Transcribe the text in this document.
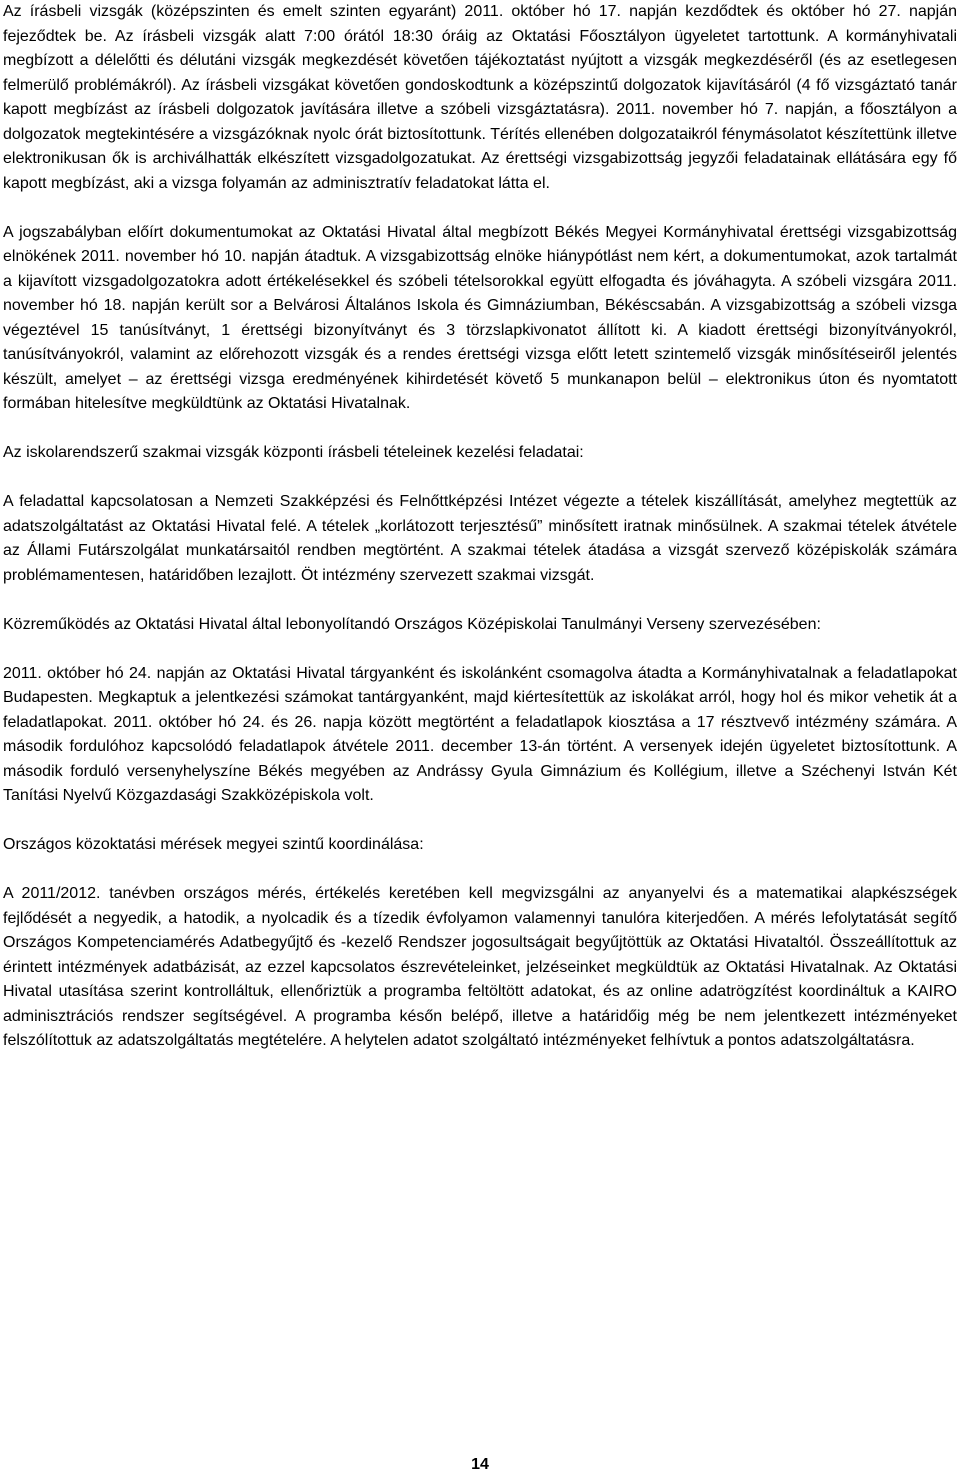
Az írásbeli vizsgák (középszinten és emelt szinten egyaránt) 2011. október hó 17. napján kezdődtek és október hó 27. napján fejeződtek be. Az írásbeli vizsgák alatt 7:00 órától 18:30 óráig az Oktatási Főosztályon ügyeletet tartottunk. A kormányhivatali megbízott a délelőtti és délutáni vizsgák megkezdését követően tájékoztatást nyújtott a vizsgák megkezdéséről (és az esetlegesen felmerülő problémákról). Az írásbeli vizsgákat követően gondoskodtunk a középszintű dolgozatok kijavításáról (4 fő vizsgáztató tanár kapott megbízást az írásbeli dolgozatok javítására illetve a szóbeli vizsgáztatásra). 2011. november hó 7. napján, a főosztályon a dolgozatok megtekintésére a vizsgázóknak nyolc órát biztosítottunk. Térítés ellenében dolgozataikról fénymásolatot készítettünk illetve elektronikusan ők is archiválhatták elkészített vizsgadolgozatukat. Az érettségi vizsgabizottság jegyzői feladatainak ellátására egy fő kapott megbízást, aki a vizsga folyamán az adminisztratív feladatokat látta el.

A jogszabályban előírt dokumentumokat az Oktatási Hivatal által megbízott Békés Megyei Kormányhivatal érettségi vizsgabizottság elnökének 2011. november hó 10. napján átadtuk. A vizsgabizottság elnöke hiánypótlást nem kért, a dokumentumokat, azok tartalmát a kijavított vizsgadolgozatokra adott értékelésekkel és szóbeli tételsorokkal együtt elfogadta és jóváhagyta. A szóbeli vizsgára 2011. november hó 18. napján került sor a Belvárosi Általános Iskola és Gimnáziumban, Békéscsabán. A vizsgabizottság a szóbeli vizsga végeztével 15 tanúsítványt, 1 érettségi bizonyítványt és 3 törzslapkivonatot állított ki. A kiadott érettségi bizonyítványokról, tanúsítványokról, valamint az előrehozott vizsgák és a rendes érettségi vizsga előtt letett szintemelő vizsgák minősítéseiről jelentés készült, amelyet – az érettségi vizsga eredményének kihirdetését követő 5 munkanapon belül – elektronikus úton és nyomtatott formában hitelesítve megküldtünk az Oktatási Hivatalnak.

Az iskolarendszerű szakmai vizsgák központi írásbeli tételeinek kezelési feladatai:

A feladattal kapcsolatosan a Nemzeti Szakképzési és Felnőttképzési Intézet végezte a tételek kiszállítását, amelyhez megtettük az adatszolgáltatást az Oktatási Hivatal felé. A tételek „korlátozott terjesztésű” minősített iratnak minősülnek. A szakmai tételek átvétele az Állami Futárszolgálat munkatársaitól rendben megtörtént. A szakmai tételek átadása a vizsgát szervező középiskolák számára problémamentesen, határidőben lezajlott. Öt intézmény szervezett szakmai vizsgát.

Közreműködés az Oktatási Hivatal által lebonyolítandó Országos Középiskolai Tanulmányi Verseny szervezésében:

2011. október hó 24. napján az Oktatási Hivatal tárgyanként és iskolánként csomagolva átadta a Kormányhivatalnak a feladatlapokat Budapesten. Megkaptuk a jelentkezési számokat tantárgyanként, majd kiértesítettük az iskolákat arról, hogy hol és mikor vehetik át a feladatlapokat. 2011. október hó 24. és 26. napja között megtörtént a feladatlapok kiosztása a 17 résztvevő intézmény számára. A második fordulóhoz kapcsolódó feladatlapok átvétele 2011. december 13-án történt. A versenyek idején ügyeletet biztosítottunk. A második forduló versenyhelyszíne Békés megyében az Andrássy Gyula Gimnázium és Kollégium, illetve a Széchenyi István Két Tanítási Nyelvű Közgazdasági Szakközépiskola volt.

Országos közoktatási mérések megyei szintű koordinálása:

A 2011/2012. tanévben országos mérés, értékelés keretében kell megvizsgálni az anyanyelvi és a matematikai alapkészségek fejlődését a negyedik, a hatodik, a nyolcadik és a tízedik évfolyamon valamennyi tanulóra kiterjedően. A mérés lefolytatását segítő Országos Kompetenciamérés Adatbegyűjtő és -kezelő Rendszer jogosultságait begyűjtöttük az Oktatási Hivataltól. Összeállítottuk az érintett intézmények adatbázisát, az ezzel kapcsolatos észrevételeinket, jelzéseinket megküldtük az Oktatási Hivatalnak. Az Oktatási Hivatal utasítása szerint kontrolláltuk, ellenőriztük a programba feltöltött adatokat, és az online adatrögzítést koordináltuk a KAIRO adminisztrációs rendszer segítségével. A programba későn belépő, illetve a határidőig még be nem jelentkezett intézményeket felszólítottuk az adatszolgáltatás megtételére. A helytelen adatot szolgáltató intézményeket felhívtuk a pontos adatszolgáltatásra.

14
